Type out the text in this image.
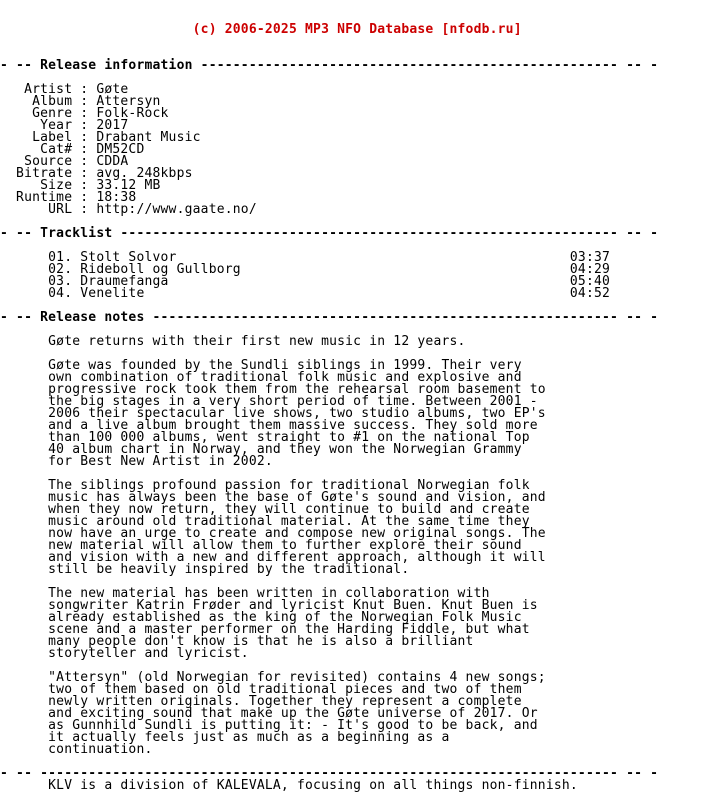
(c) 2006-2025 MP3 NFO Database [nfodb.ru]

- -- Release information ---------------------------------------------------- -- -
Artist : Gøte
Album : Attersyn
Genre : Folk-Rock
Year : 2017
Label : Drabant Music
Cat# : DM52CD
Source : CDDA
Bitrate : avg. 248kbps
Size : 33.12 MB
Runtime : 18:38
URL : http://www.gaate.no/
- -- Tracklist -------------------------------------------------------------- -- -
01. Stolt Solvor                                                 03:37
02. Rideboll og Gullborg                                         04:29
03. Draumefanga                                                  05:40
04. Venelite                                                     04:52
- -- Release notes ---------------------------------------------------------- -- -
Gøte returns with their first new music in 12 years.
Gøte was founded by the Sundli siblings in 1999. Their very
own combination of traditional folk music and explosive and
progressive rock took them from the rehearsal room basement to
the big stages in a very short period of time. Between 2001 -
2006 their spectacular live shows, two studio albums, two EP's
and a live album brought them massive success. They sold more
than 100 000 albums, went straight to #1 on the national Top
40 album chart in Norway, and they won the Norwegian Grammy
for Best New Artist in 2002.
The siblings profound passion for traditional Norwegian folk
music has always been the base of Gøte's sound and vision, and
when they now return, they will continue to build and create
music around old traditional material. At the same time they
now have an urge to create and compose new original songs. The
new material will allow them to further explore their sound
and vision with a new and different approach, although it will
still be heavily inspired by the traditional.
The new material has been written in collaboration with
songwriter Katrin Frøder and lyricist Knut Buen. Knut Buen is
already established as the king of the Norwegian Folk Music
scene and a master performer on the Harding Fiddle, but what
many people don't know is that he is also a brilliant
storyteller and lyricist.
"Attersyn" (old Norwegian for revisited) contains 4 new songs;
two of them based on old traditional pieces and two of them
newly written originals. Together they represent a complete
and exciting sound that make up the Gøte universe of 2017. Or
as Gunnhild Sundli is putting it: - It's good to be back, and
it actually feels just as much as a beginning as a
continuation.
- -- ------------------------------------------------------------------------ -- -
KLV is a division of KALEVALA, focusing on all things non-finnish.
